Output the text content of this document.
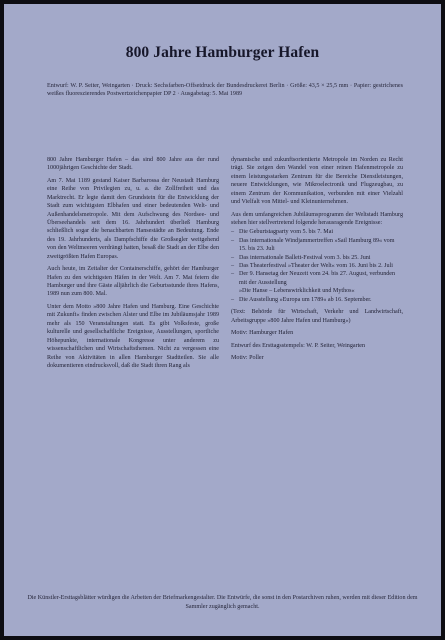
800 Jahre Hamburger Hafen
Entwurf: W. P. Seiter, Weingarten · Druck: Sechsfarben-Offsetdruck der Bundesdruckerei Berlin · Größe: 43,5 × 25,5 mm · Papier: gestrichenes weißes fluoreszierendes Postwertzeichenpapier DP 2 · Ausgabetag: 5. Mai 1989

800 Jahre Hamburger Hafen – das sind 800 Jahre aus der rund 1000jährigen Geschichte der Stadt.

Am 7. Mai 1189 gestand Kaiser Barbarossa der Neustadt Hamburg eine Reihe von Privilegien zu, u. a. die Zollfreiheit und das Marktrecht. Er legte damit den Grundstein für die Entwicklung der Stadt zum wichtigsten Elbhafen und einer bedeutenden Welt- und Außenhandelsmetropole. Mit dem Aufschwung des Nordsee- und Überseehandels seit dem 16. Jahrhundert überließ Hamburg schließlich sogar die benachbarten Hansestädte an Bedeutung. Ende des 19. Jahrhunderts, als Dampfschiffe die Großsegler weitgehend von den Weltmeeren verdrängt hatten, besaß die Stadt an der Elbe den zweitgrößten Hafen Europas.

Auch heute, im Zeitalter der Containerschiffe, gehört der Hamburger Hafen zu den wichtigsten Häfen in der Welt. Am 7. Mai feiern die Hamburger und ihre Gäste alljährlich die Geburtsstunde ihres Hafens, 1989 nun zum 800. Mal.

Unter dem Motto »800 Jahre Hafen und Hamburg. Eine Geschichte mit Zukunft« finden zwischen Alster und Elbe im Jubiläumsjahr 1989 mehr als 150 Veranstaltungen statt. Es gibt Volksfeste, große kulturelle und gesellschaftliche Ereignisse, Ausstellungen, sportliche Höhepunkte, internationale Kongresse unter anderem zu wissenschaftlichen und Wirtschaftsthemen. Nicht zu vergessen eine Reihe von Aktivitäten in allen Hamburger Stadtteilen. Sie alle dokumentieren eindrucksvoll, daß die Stadt ihren Rang als

dynamische und zukunftsorientierte Metropole im Norden zu Recht trägt. Sie zeigen den Wandel von einer reinen Hafenmetropole zu einem leistungsstarken Zentrum für die Bereiche Dienstleistungen, neuere Entwicklungen, wie Mikroelectronik und Flugzeugbau, zu einem Zentrum der Kommunikation, verbunden mit einer Vielzahl und Vielfalt von Mittel- und Kleinunternehmen.

Aus dem umfangreichen Jubiläumsprogramm der Weltstadt Hamburg stehen hier stellvertretend folgende herausragende Ereignisse:

– Die Geburtstagparty vom 5. bis 7. Mai
– Das internationale Windjammertreffen »Sail Hamburg 89« vom 15. bis 23. Juli
– Das internationale Ballett-Festival vom 3. bis 25. Juni
– Das Theaterfestival »Theater der Welt« vom 16. Juni bis 2. Juli
– Der 9. Hansetag der Neuzeit vom 24. bis 27. August, verbunden mit der Ausstellung
»Die Hanse – Lebenswirklichkeit und Mythos«
– Die Ausstellung »Europa um 1789« ab 16. September.

(Text: Behörde für Wirtschaft, Verkehr und Landwirtschaft, Arbeitsgruppe »800 Jahre Hafen und Hamburg«)

Motiv: Hamburger Hafen

Entwurf des Ersttagsstempels: W. P. Seiter, Weingarten

Motiv: Poller

Die Künstler-Ersttagsblätter würdigen die Arbeiten der Briefmarkengestalter. Die Entwürfe, die sonst in den Postarchiven ruhen, werden mit dieser Edition dem Sammler zugänglich gemacht.
